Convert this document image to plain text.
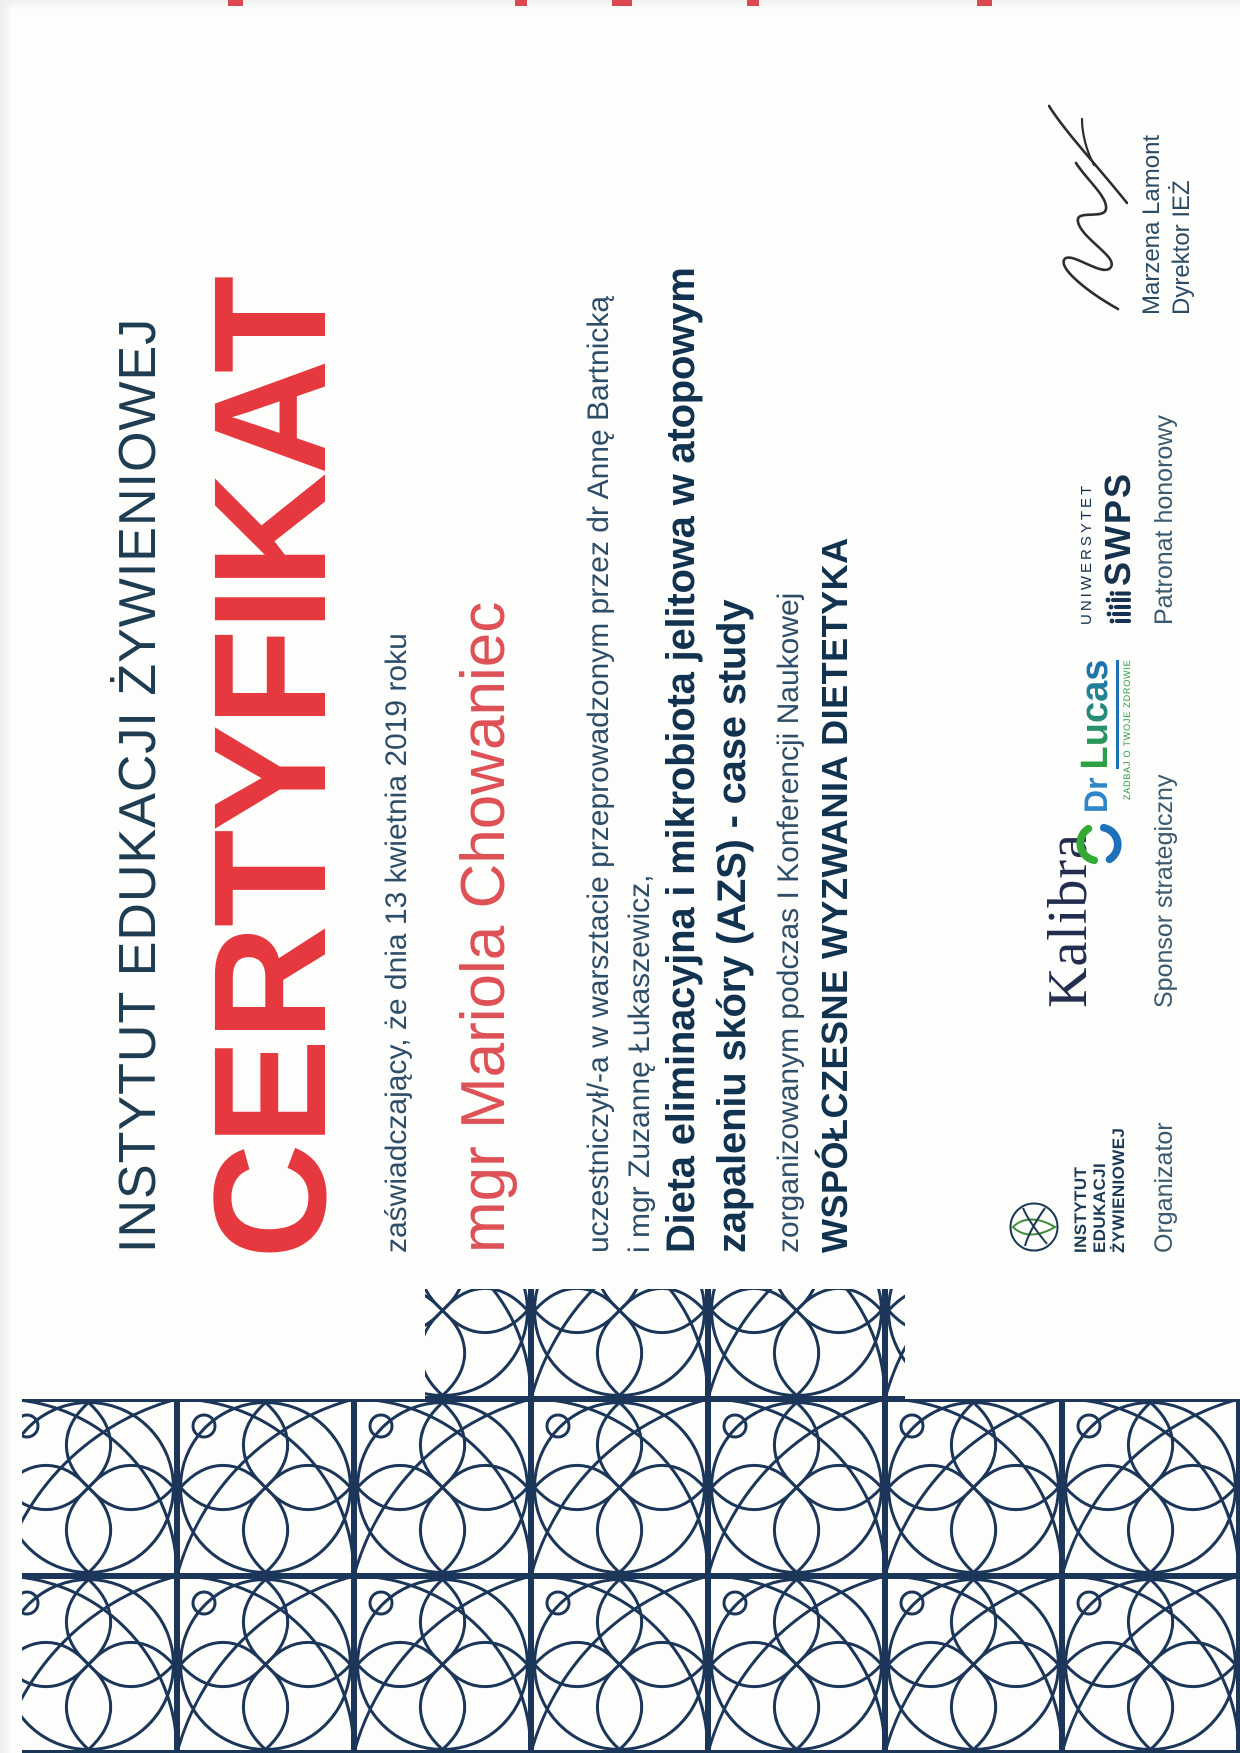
INSTYTUT EDUKACJI ŻYWIENIOWEJ CERTYFIKAT zaświadczający, że dnia 13 kwietnia 2019 roku mgr Mariola Chowaniec uczestniczył/-a w warsztacie przeprowadzonym przez dr Annę Bartnicką i mgr Zuzannę Łukaszewicz, Dieta eliminacyjna i mikrobiota jelitowa w atopowym zapaleniu skóry (AZS) - case study zorganizowanym podczas I Konferencji Naukowej WSPÓŁCZESNE WYZWANIA DIETETYKA	INSTYTUT EDUKACJI ŻYWIENIOWEJ Organizator
Kalibra
Dr
Lucas ZADBAJ O TWOJE ZDROWIE
Sponsor strategiczny
UNIWERSYTET SWPS Patronat honorowy
Marzena Lamont Dyrektor IEŻ
